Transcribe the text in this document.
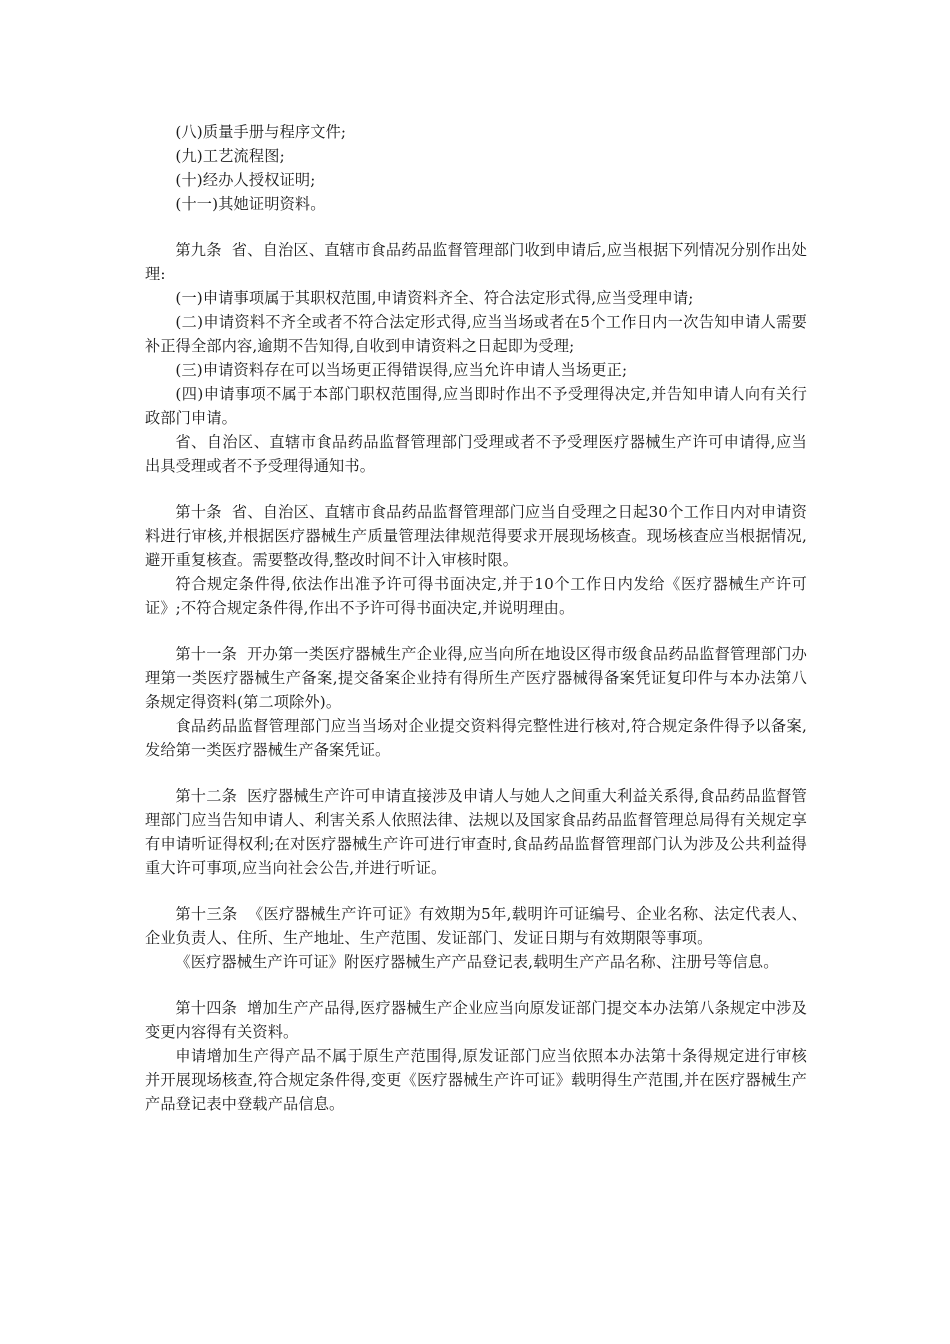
(八)质量手册与程序文件;

(九)工艺流程图;

(十)经办人授权证明;

(十一)其她证明资料。

第九条 省、自治区、直辖市食品药品监督管理部门收到申请后,应当根据下列情况分别作出处理:

(一)申请事项属于其职权范围,申请资料齐全、符合法定形式得,应当受理申请;

(二)申请资料不齐全或者不符合法定形式得,应当当场或者在5个工作日内一次告知申请人需要补正得全部内容,逾期不告知得,自收到申请资料之日起即为受理;

(三)申请资料存在可以当场更正得错误得,应当允许申请人当场更正;

(四)申请事项不属于本部门职权范围得,应当即时作出不予受理得决定,并告知申请人向有关行政部门申请。

省、自治区、直辖市食品药品监督管理部门受理或者不予受理医疗器械生产许可申请得,应当出具受理或者不予受理得通知书。

第十条 省、自治区、直辖市食品药品监督管理部门应当自受理之日起30个工作日内对申请资料进行审核,并根据医疗器械生产质量管理法律规范得要求开展现场核查。现场核查应当根据情况,避开重复核查。需要整改得,整改时间不计入审核时限。

符合规定条件得,依法作出准予许可得书面决定,并于10个工作日内发给《医疗器械生产许可证》;不符合规定条件得,作出不予许可得书面决定,并说明理由。

第十一条 开办第一类医疗器械生产企业得,应当向所在地设区得市级食品药品监督管理部门办理第一类医疗器械生产备案,提交备案企业持有得所生产医疗器械得备案凭证复印件与本办法第八条规定得资料(第二项除外)。

食品药品监督管理部门应当当场对企业提交资料得完整性进行核对,符合规定条件得予以备案,发给第一类医疗器械生产备案凭证。

第十二条 医疗器械生产许可申请直接涉及申请人与她人之间重大利益关系得,食品药品监督管理部门应当告知申请人、利害关系人依照法律、法规以及国家食品药品监督管理总局得有关规定享有申请听证得权利;在对医疗器械生产许可进行审查时,食品药品监督管理部门认为涉及公共利益得重大许可事项,应当向社会公告,并进行听证。

第十三条 《医疗器械生产许可证》有效期为5年,载明许可证编号、企业名称、法定代表人、企业负责人、住所、生产地址、生产范围、发证部门、发证日期与有效期限等事项。

《医疗器械生产许可证》附医疗器械生产产品登记表,载明生产产品名称、注册号等信息。

第十四条 增加生产产品得,医疗器械生产企业应当向原发证部门提交本办法第八条规定中涉及变更内容得有关资料。

申请增加生产得产品不属于原生产范围得,原发证部门应当依照本办法第十条得规定进行审核并开展现场核查,符合规定条件得,变更《医疗器械生产许可证》载明得生产范围,并在医疗器械生产产品登记表中登载产品信息。
